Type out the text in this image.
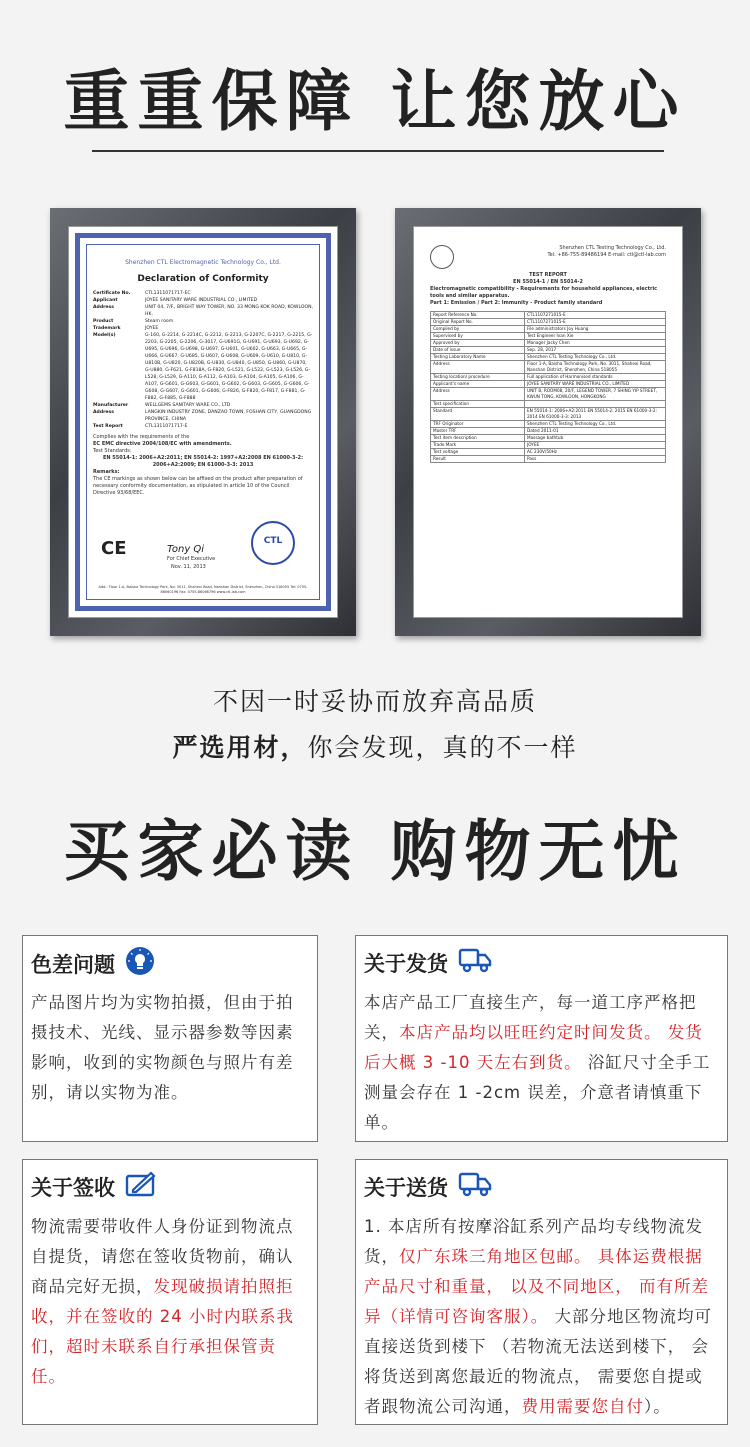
重重保障 让您放心
Shenzhen CTL Electromagnetic Technology Co., Ltd.
Declaration of Conformity
Certificate No.	CTL1311071717-EC
Applicant	JOYEE SANITARY WARE INDUSTRIAL CO., LIMITED
Address	UNIT 04, 7/F., BRIGHT WAY TOWER, NO. 33 MONG KOK ROAD, KOWLOON, HK.
Product	Steam room
Trademark	JOYEE
Model(s)	G-160, G-2214, G-2214C, G-2212, G-2213, G-2207C, G-2217, G-2215, G-2203, G-2205, G-2206, G-3017, G-U691G, G-U691, G-U693, G-U692, G-U695, G-U696, G-U698, G-U697, G-U601, G-U602, G-U663, G-U665, G-U666, G-U667, G-U685, G-U607, G-U608, G-U609, G-U610, G-U810, G-U810B, G-U820, G-U820B, G-U830, G-U840, G-U850, G-U860, G-U870, G-U880, G-F621, G-F818A, G-F820, G-L521, G-L522, G-L523, G-L526, G-L528, G-L529, G-A110, G-A112, G-A103, G-A104, G-A105, G-A106, G-A107, G-G601, G-G603, G-G601, G-G602, G-G603, G-G605, G-G606, G-G608, G-G607, G-G601, G-G606, G-F826, G-F820, G-F817, G-F881, G-F882, G-F885, G-F888
Manufacturer	WELLGEMS SANITARY WARE CO., LTD
Address	LANGKIN INDUSTRY ZONE, DANZAO TOWN, FOSHAN CITY, GUANGDONG PROVINCE, CHINA
Test Report	CTL1311071717-E
Complies with the requirements of the
EC EMC directive 2004/108/EC with amendments.
Test Standards:
EN 55014-1: 2006+A2:2011; EN 55014-2: 1997+A2:2008 EN 61000-3-2: 2006+A2:2009; EN 61000-3-3: 2013
Remarks:
The CE markings as shown below can be affixed on the product after preparation of necessary conformity documentation, as stipulated in article 10 of the Council Directive 93/68/EEC.
CE	Tony Qi
For Chief Executive
Nov. 11, 2013
CTL
Add.: Floor 1-A, Baisha Technology Park, No. 3011, Shahexi Road, Nanshan District, Shenzhen, China 518055 Tel: 0755-86060196 Fax: 0755-86066796 www.ctl-lab.com
Shenzhen CTL Testing Technology Co., Ltd.
Tel: +86-755-89486194 E-mail: ctl@ctl-lab.com
TEST REPORT
EN 55014-1 / EN 55014-2
Electromagnetic compatibility - Requirements for household appliances, electric tools and similar apparatus.
Part 1: Emission / Part 2: Immunity - Product family standard
Report Reference No.	CTL1107271015-E
Original Report No.	CTL1107271015-E
Compiled by	File administrators Joy Huang
Supervised by	Test Engineer Ivan Xie
Approved by	Manager Jacky Chen
Date of issue	Sep. 28, 2017
Testing Laboratory Name	Shenzhen CTL Testing Technology Co., Ltd.
Address	Floor 1-A, Baisha Technology Park, No. 3011, Shahexi Road, Nanshan District, Shenzhen, China 518055
Testing location/ procedure	Full application of Harmonised standards
Applicant's name	JOYEE SANITARY WARE INDUSTRIAL CO., LIMITED
Address	UNIT B, ROOM08, 20/F, LEGEND TOWER, 7 SHING YIP STREET, KWUN TONG, KOWLOON, HONGKONG
Test specification	
Standard	EN 55014-1: 2006+A2:2011 EN 55014-2: 2015 EN 61000-3-2: 2014 EN 61000-3-3: 2013
TRF Originator	Shenzhen CTL Testing Technology Co., Ltd.
Master TRF	Dated 2011-01
Test item description	Massage bathtub
Trade Mark	JOYEE
Test voltage	AC 230V/50Hz
Result	Pass
不因一时妥协而放弃高品质
严选用材，你会发现，真的不一样
买家必读 购物无忧
色差问题
产品图片均为实物拍摄，但由于拍摄技术、光线、显示器参数等因素影响，收到的实物颜色与照片有差别，请以实物为准。
关于发货
本店产品工厂直接生产，每一道工序严格把关，本店产品均以旺旺约定时间发货。 发货后大概 3 -10 天左右到货。 浴缸尺寸全手工测量会存在 1 -2cm 误差，介意者请慎重下单。
关于签收
物流需要带收件人身份证到物流点自提货，请您在签收货物前，确认商品完好无损，发现破损请拍照拒收，并在签收的 24 小时内联系我们，超时未联系自行承担保管责任。
关于送货
1. 本店所有按摩浴缸系列产品均专线物流发货，仅广东珠三角地区包邮。 具体运费根据产品尺寸和重量， 以及不同地区， 而有所差异（详情可咨询客服）。 大部分地区物流均可直接送货到楼下 （若物流无法送到楼下， 会将货送到离您最近的物流点， 需要您自提或者跟物流公司沟通，费用需要您自付）。
